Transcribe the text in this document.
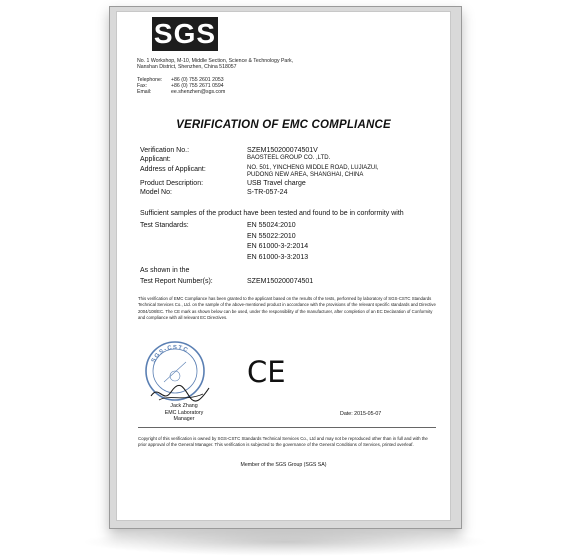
SGS
No. 1 Workshop, M-10, Middle Section, Science & Technology Park,
Nanshan District, Shenzhen, China 518057
Telephone:	+86 (0) 755 2601 2053
Fax:	+86 (0) 755 2671 0594
Email:	ee.shenzhen@sgs.com
VERIFICATION OF EMC COMPLIANCE
Verification No.:	SZEM150200074501V
Applicant:	BAOSTEEL GROUP CO. ,LTD.
Address of Applicant:	NO. 501, YINCHENG MIDDLE ROAD, LUJIAZUI,
PUDONG NEW AREA, SHANGHAI, CHINA
Product Description:	USB Travel charge
Model No:	S-TR-057-24
Sufficient samples of the product have been tested and found to be in conformity with
Test Standards:	EN 55024:2010
EN 55022:2010
EN 61000-3-2:2014
EN 61000-3-3:2013
As shown in the
Test Report Number(s):	SZEM150200074501
This verification of EMC Compliance has been granted to the applicant based on the results of the tests, performed by laboratory of SGS-CSTC Standards Technical Services Co., Ltd. on the sample of the above-mentioned product in accordance with the provisions of the relevant specific standards and Directive 2004/108/EC. The CE mark as shown below can be used, under the responsibility of the manufacturer, after completion of an EC Declaration of Conformity and compliance with all relevant EC Directives.
SGS-CSTC
CE
Jack Zhang
EMC Laboratory Manager
Date: 2015-05-07
Copyright of this verification is owned by SGS-CSTC Standards Technical Services Co., Ltd and may not be reproduced other than in full and with the prior approval of the General Manager. This verification is subjected to the governance of the General Conditions of Services, printed overleaf.
Member of the SGS Group (SGS SA)
